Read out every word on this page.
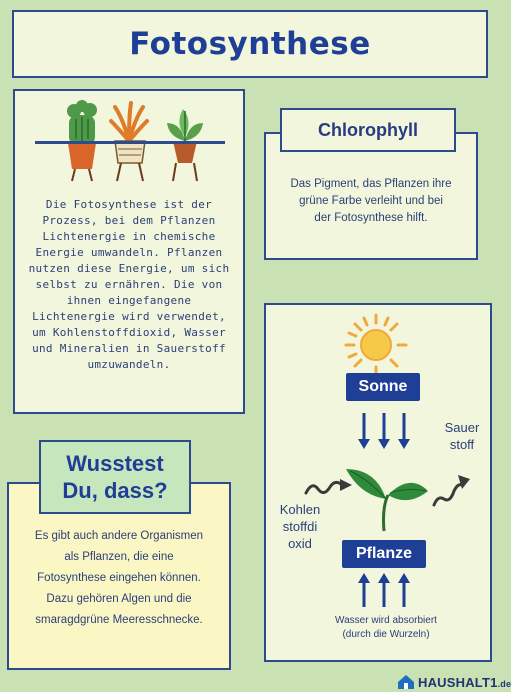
Fotosynthese
Die Fotosynthese ist der
Prozess, bei dem Pflanzen
Lichtenergie in chemische
Energie umwandeln. Pflanzen
nutzen diese Energie, um sich
selbst zu ernähren. Die von
ihnen eingefangene
Lichtenergie wird verwendet,
um Kohlenstoffdioxid, Wasser
und Mineralien in Sauerstoff
umzuwandeln.
Das Pigment, das Pflanzen ihre
grüne Farbe verleiht und bei
der Fotosynthese hilft.
Chlorophyll
Es gibt auch andere Organismen
als Pflanzen, die eine
Fotosynthese eingehen können.
Dazu gehören Algen und die
smaragdgrüne Meeresschnecke.
Wusstest
Du, dass?
Sonne
Sauer
stoff
Kohlen
stoffdi
oxid
Pflanze
Wasser wird absorbiert
(durch die Wurzeln)
HAUSHALT1.de
